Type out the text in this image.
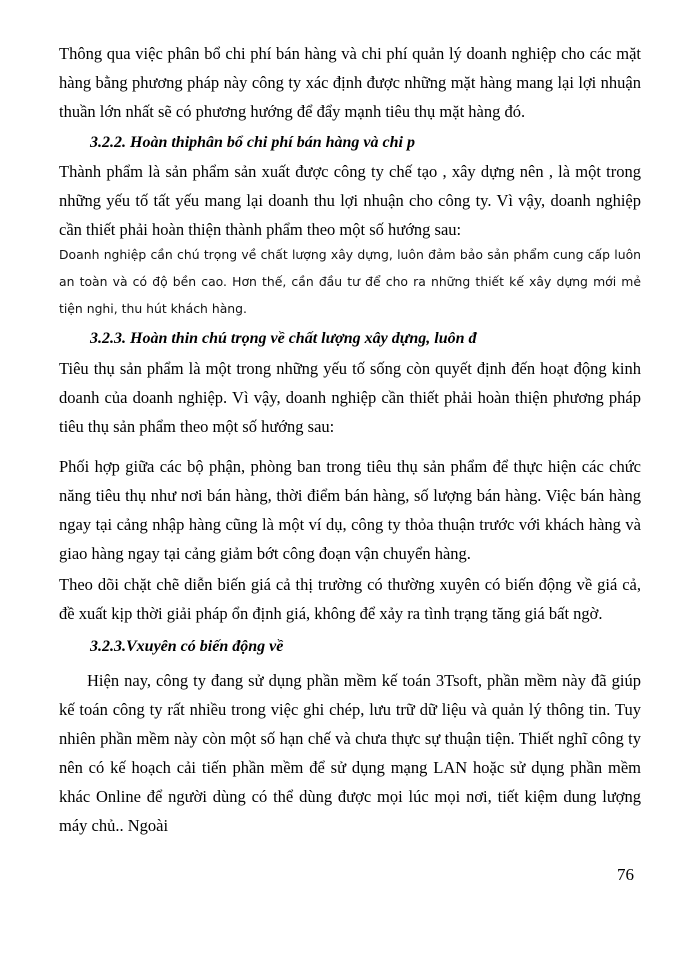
Thông qua việc phân bổ chi phí bán hàng và chi phí quản lý doanh nghiệp cho các mặt hàng bằng phương pháp này công ty xác định được những mặt hàng mang lại lợi nhuận thuần lớn nhất sẽ có phương hướng để đẩy mạnh tiêu thụ mặt hàng đó.

3.2.2. Hoàn thiphân bổ chi phí bán hàng và chi p

Thành phẩm là sản phẩm sản xuất được công ty chế tạo , xây dựng nên , là một trong những yếu tố tất yếu mang lại doanh thu lợi nhuận cho công ty. Vì vậy, doanh nghiệp cần thiết phải hoàn thiện thành phẩm theo một số hướng sau:

Doanh nghiệp cần chú trọng về chất lượng xây dựng, luôn đảm bảo sản phẩm cung cấp luôn an toàn và có độ bền cao. Hơn thế, cần đầu tư để cho ra những thiết kế xây dựng mới mẻ tiện nghi, thu hút khách hàng.

3.2.3. Hoàn thin chú trọng về chất lượng xây dựng, luôn đ

Tiêu thụ sản phẩm là một trong những yếu tố sống còn quyết định đến hoạt động kinh doanh của doanh nghiệp. Vì vậy, doanh nghiệp cần thiết phải hoàn thiện phương pháp tiêu thụ sản phẩm theo một số hướng sau:

Phối hợp giữa các bộ phận, phòng ban trong tiêu thụ sản phẩm để thực hiện các chức năng tiêu thụ như nơi bán hàng, thời điểm bán hàng, số lượng bán hàng. Việc bán hàng ngay tại cảng nhập hàng cũng là một ví dụ, công ty thỏa thuận trước với khách hàng và giao hàng ngay tại cảng giảm bớt công đoạn vận chuyển hàng.

Theo dõi chặt chẽ diễn biến giá cả thị trường có thường xuyên có biến động về giá cả, đề xuất kịp thời giải pháp ổn định giá, không để xảy ra tình trạng tăng giá bất ngờ.

3.2.3.Vxuyên có biến động về

Hiện nay, công ty đang sử dụng phần mềm kế toán 3Tsoft, phần mềm này đã giúp kế toán công ty rất nhiều trong việc ghi chép, lưu trữ dữ liệu và quản lý thông tin. Tuy nhiên phần mềm này còn một số hạn chế và chưa thực sự thuận tiện. Thiết nghĩ công ty nên có kế hoạch cải tiến phần mềm để sử dụng mạng LAN hoặc sử dụng phần mềm khác Online để người dùng có thể dùng được mọi lúc mọi nơi, tiết kiệm dung lượng máy chủ.. Ngoài

76
